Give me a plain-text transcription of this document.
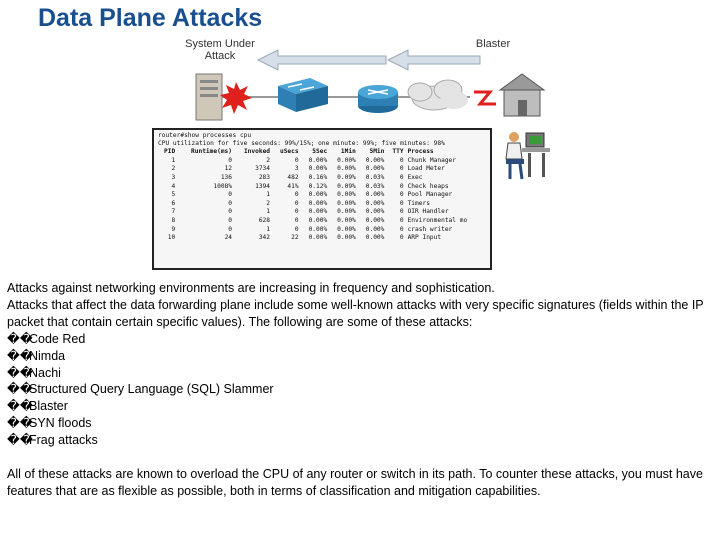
Data Plane Attacks
System Under Attack
Blaster
router#show processes cpu
CPU utilization for five seconds: 99%/15%; one minute: 99%; five minutes: 98%
PID	Runtime(ms)	Invoked	uSecs	5Sec	1Min	5Min	TTY	Process
1	0	2	0	0.00%	0.00%	0.00%	0	Chunk Manager
2	12	3734	3	0.00%	0.00%	0.00%	0	Load Meter
3	136	283	482	0.16%	0.09%	0.03%	0	Exec
4	1008%	1394	41%	0.12%	0.09%	0.03%	0	Check heaps
5	0	1	0	0.00%	0.00%	0.00%	0	Pool Manager
6	0	2	0	0.00%	0.00%	0.00%	0	Timers
7	0	1	0	0.00%	0.00%	0.00%	0	OIR Handler
8	0	628	0	0.00%	0.00%	0.00%	0	Environmental mo
9	0	1	0	0.00%	0.00%	0.00%	0	crash writer
10	24	342	22	0.00%	0.00%	0.00%	0	ARP Input

Attacks against networking environments are increasing in frequency and sophistication.

Attacks that affect the data forwarding plane include some well-known attacks with very specific signatures (fields within the IP packet that contain certain specific values). The following are some of these attacks:

��Code Red
��Nimda
��Nachi
��Structured Query Language (SQL) Slammer
��Blaster
��SYN floods
��Frag attacks

All of these attacks are known to overload the CPU of any router or switch in its path. To counter these attacks, you must have features that are as flexible as possible, both in terms of classification and mitigation capabilities.
